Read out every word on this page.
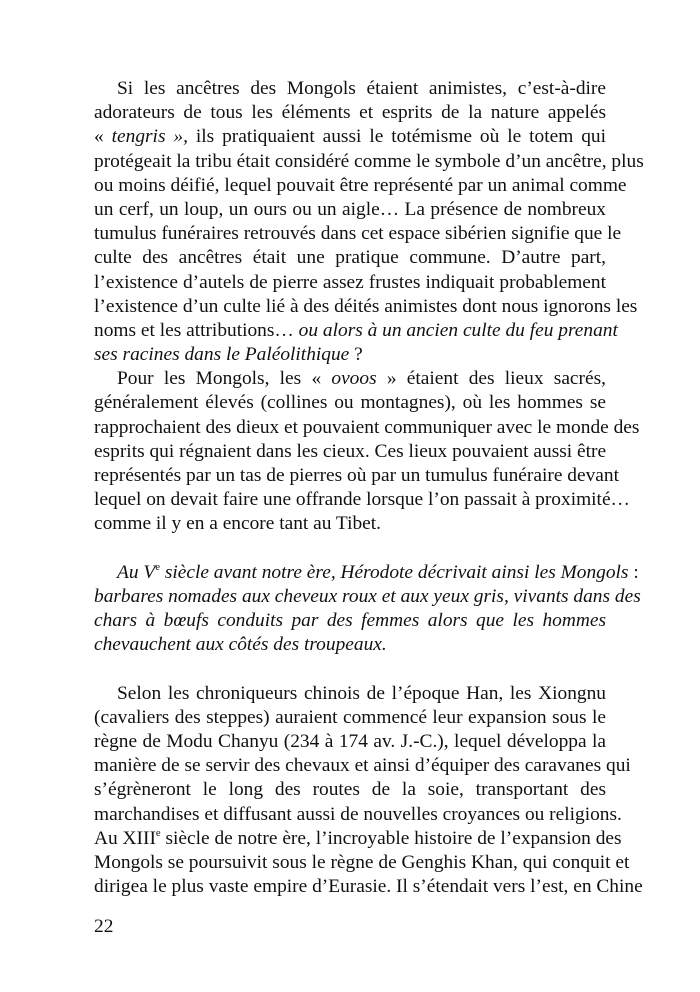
Si les ancêtres des Mongols étaient animistes, c’est-à-dire
adorateurs de tous les éléments et esprits de la nature appelés
« tengris », ils pratiquaient aussi le totémisme où le totem qui
protégeait la tribu était considéré comme le symbole d’un ancêtre, plus
ou moins déifié, lequel pouvait être représenté par un animal comme
un cerf, un loup, un ours ou un aigle… La présence de nombreux
tumulus funéraires retrouvés dans cet espace sibérien signifie que le
culte des ancêtres était une pratique commune. D’autre part,
l’existence d’autels de pierre assez frustes indiquait probablement
l’existence d’un culte lié à des déités animistes dont nous ignorons les
noms et les attributions… ou alors à un ancien culte du feu prenant
ses racines dans le Paléolithique ?
Pour les Mongols, les « ovoos » étaient des lieux sacrés,
généralement élevés (collines ou montagnes), où les hommes se
rapprochaient des dieux et pouvaient communiquer avec le monde des
esprits qui régnaient dans les cieux. Ces lieux pouvaient aussi être
représentés par un tas de pierres où par un tumulus funéraire devant
lequel on devait faire une offrande lorsque l’on passait à proximité…
comme il y en a encore tant au Tibet.
Au Ve siècle avant notre ère, Hérodote décrivait ainsi les Mongols :
barbares nomades aux cheveux roux et aux yeux gris, vivants dans des
chars à bœufs conduits par des femmes alors que les hommes
chevauchent aux côtés des troupeaux.
Selon les chroniqueurs chinois de l’époque Han, les Xiongnu
(cavaliers des steppes) auraient commencé leur expansion sous le
règne de Modu Chanyu (234 à 174 av. J.-C.), lequel développa la
manière de se servir des chevaux et ainsi d’équiper des caravanes qui
s’égrèneront le long des routes de la soie, transportant des
marchandises et diffusant aussi de nouvelles croyances ou religions.
Au XIIIe siècle de notre ère, l’incroyable histoire de l’expansion des
Mongols se poursuivit sous le règne de Genghis Khan, qui conquit et
dirigea le plus vaste empire d’Eurasie. Il s’étendait vers l’est, en Chine
22
